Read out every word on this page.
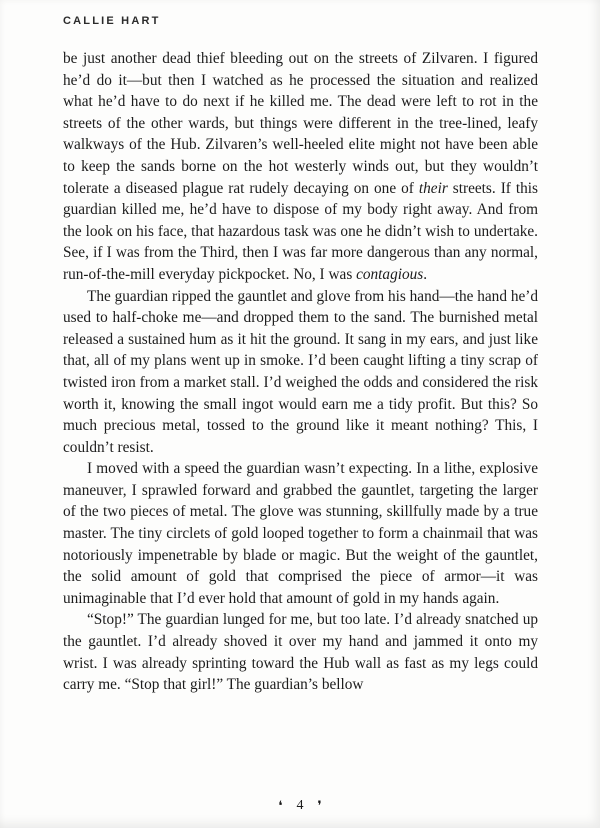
CALLIE HART

be just another dead thief bleeding out on the streets of Zilvaren. I figured he’d do it—but then I watched as he processed the situation and realized what he’d have to do next if he killed me. The dead were left to rot in the streets of the other wards, but things were different in the tree-lined, leafy walkways of the Hub. Zilvaren’s well-heeled elite might not have been able to keep the sands borne on the hot westerly winds out, but they wouldn’t tolerate a diseased plague rat rudely decaying on one of their streets. If this guardian killed me, he’d have to dispose of my body right away. And from the look on his face, that hazardous task was one he didn’t wish to undertake. See, if I was from the Third, then I was far more dangerous than any normal, run-of-the-mill everyday pickpocket. No, I was contagious.

The guardian ripped the gauntlet and glove from his hand—the hand he’d used to half-choke me—and dropped them to the sand. The burnished metal released a sustained hum as it hit the ground. It sang in my ears, and just like that, all of my plans went up in smoke. I’d been caught lifting a tiny scrap of twisted iron from a market stall. I’d weighed the odds and considered the risk worth it, knowing the small ingot would earn me a tidy profit. But this? So much precious metal, tossed to the ground like it meant nothing? This, I couldn’t resist.

I moved with a speed the guardian wasn’t expecting. In a lithe, explosive maneuver, I sprawled forward and grabbed the gauntlet, targeting the larger of the two pieces of metal. The glove was stunning, skillfully made by a true master. The tiny circlets of gold looped together to form a chainmail that was notoriously impenetrable by blade or magic. But the weight of the gauntlet, the solid amount of gold that comprised the piece of armor—it was unimaginable that I’d ever hold that amount of gold in my hands again.

“Stop!” The guardian lunged for me, but too late. I’d already snatched up the gauntlet. I’d already shoved it over my hand and jammed it onto my wrist. I was already sprinting toward the Hub wall as fast as my legs could carry me. “Stop that girl!” The guardian’s bellow

❛ 4 ❜
